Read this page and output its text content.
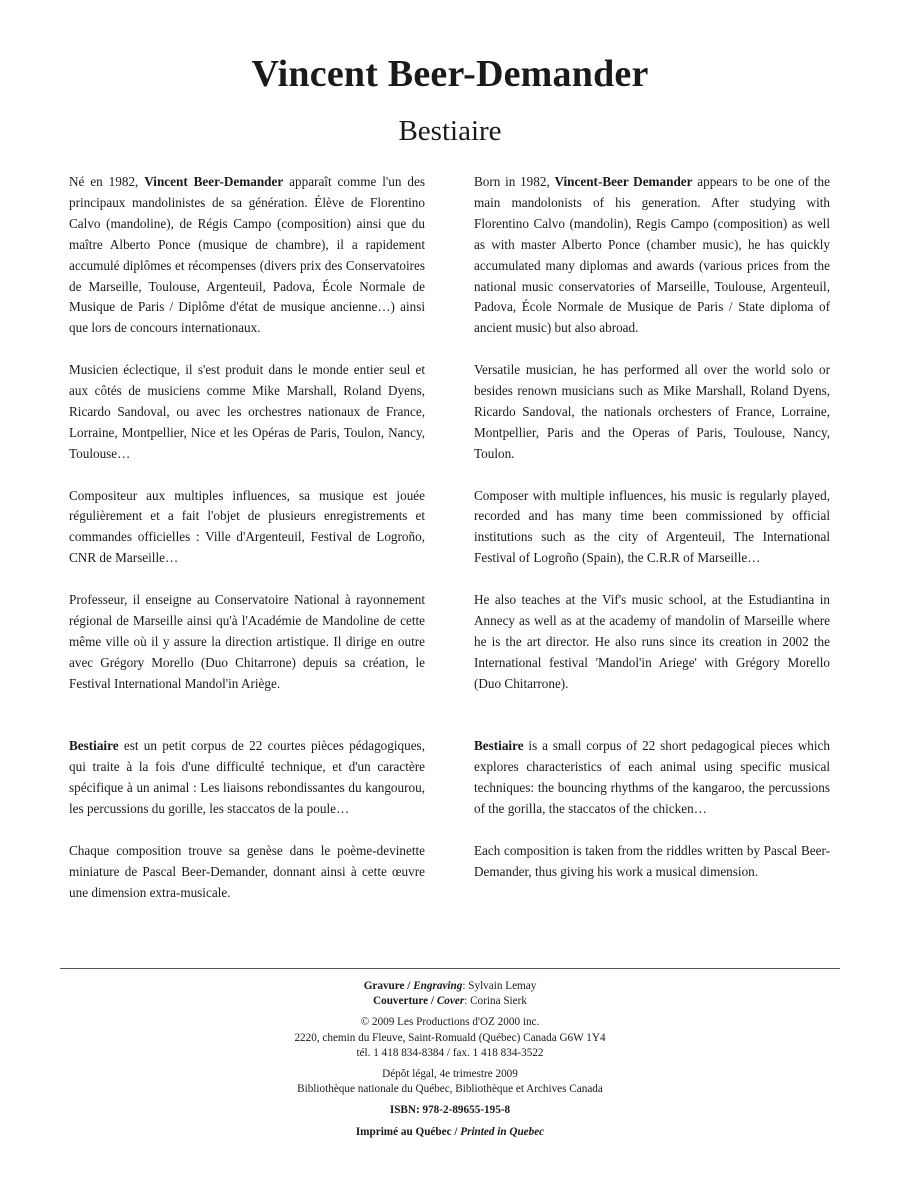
Vincent Beer-Demander
Bestiaire

Né en 1982, Vincent Beer-Demander apparaît comme l'un des principaux mandolinistes de sa génération. Élève de Florentino Calvo (mandoline), de Régis Campo (composition) ainsi que du maître Alberto Ponce (musique de chambre), il a rapidement accumulé diplômes et récompenses (divers prix des Conservatoires de Marseille, Toulouse, Argenteuil, Padova, École Normale de Musique de Paris / Diplôme d'état de musique ancienne…) ainsi que lors de concours internationaux.

Musicien éclectique, il s'est produit dans le monde entier seul et aux côtés de musiciens comme Mike Marshall, Roland Dyens, Ricardo Sandoval, ou avec les orchestres nationaux de France, Lorraine, Montpellier, Nice et les Opéras de Paris, Toulon, Nancy, Toulouse…

Compositeur aux multiples influences, sa musique est jouée régulièrement et a fait l'objet de plusieurs enregistrements et commandes officielles : Ville d'Argenteuil, Festival de Logroño, CNR de Marseille…

Professeur, il enseigne au Conservatoire National à rayonnement régional de Marseille ainsi qu'à l'Académie de Mandoline de cette même ville où il y assure la direction artistique. Il dirige en outre avec Grégory Morello (Duo Chitarrone) depuis sa création, le Festival International Mandol'in Ariège.

Bestiaire est un petit corpus de 22 courtes pièces pédagogiques, qui traite à la fois d'une difficulté technique, et d'un caractère spécifique à un animal : Les liaisons rebondissantes du kangourou, les percussions du gorille, les staccatos de la poule…

Chaque composition trouve sa genèse dans le poème-devinette miniature de Pascal Beer-Demander, donnant ainsi à cette œuvre une dimension extra-musicale.

Born in 1982, Vincent-Beer Demander appears to be one of the main mandolonists of his generation. After studying with Florentino Calvo (mandolin), Regis Campo (composition) as well as with master Alberto Ponce (chamber music), he has quickly accumulated many diplomas and awards (various prices from the national music conservatories of Marseille, Toulouse, Argenteuil, Padova, École Normale de Musique de Paris / State diploma of ancient music) but also abroad.

Versatile musician, he has performed all over the world solo or besides renown musicians such as Mike Marshall, Roland Dyens, Ricardo Sandoval, the nationals orchesters of France, Lorraine, Montpellier, Paris and the Operas of Paris, Toulouse, Nancy, Toulon.

Composer with multiple influences, his music is regularly played, recorded and has many time been commissioned by official institutions such as the city of Argenteuil, The International Festival of Logroño (Spain), the C.R.R of Marseille…

He also teaches at the Vif's music school, at the Estudiantina in Annecy as well as at the academy of mandolin of Marseille where he is the art director. He also runs since its creation in 2002 the International festival 'Mandol'in Ariege' with Grégory Morello (Duo Chitarrone).

Bestiaire is a small corpus of 22 short pedagogical pieces which explores characteristics of each animal using specific musical techniques: the bouncing rhythms of the kangaroo, the percussions of the gorilla, the staccatos of the chicken…

Each composition is taken from the riddles written by Pascal Beer-Demander, thus giving his work a musical dimension.

Gravure / Engraving: Sylvain Lemay

Couverture / Cover: Corina Sierk

© 2009 Les Productions d'OZ 2000 inc.

2220, chemin du Fleuve, Saint-Romuald (Québec) Canada G6W 1Y4

tél. 1 418 834-8384 / fax. 1 418 834-3522

Dépôt légal, 4e trimestre 2009

Bibliothèque nationale du Québec, Bibliothèque et Archives Canada

ISBN: 978-2-89655-195-8

Imprimé au Québec / Printed in Quebec
